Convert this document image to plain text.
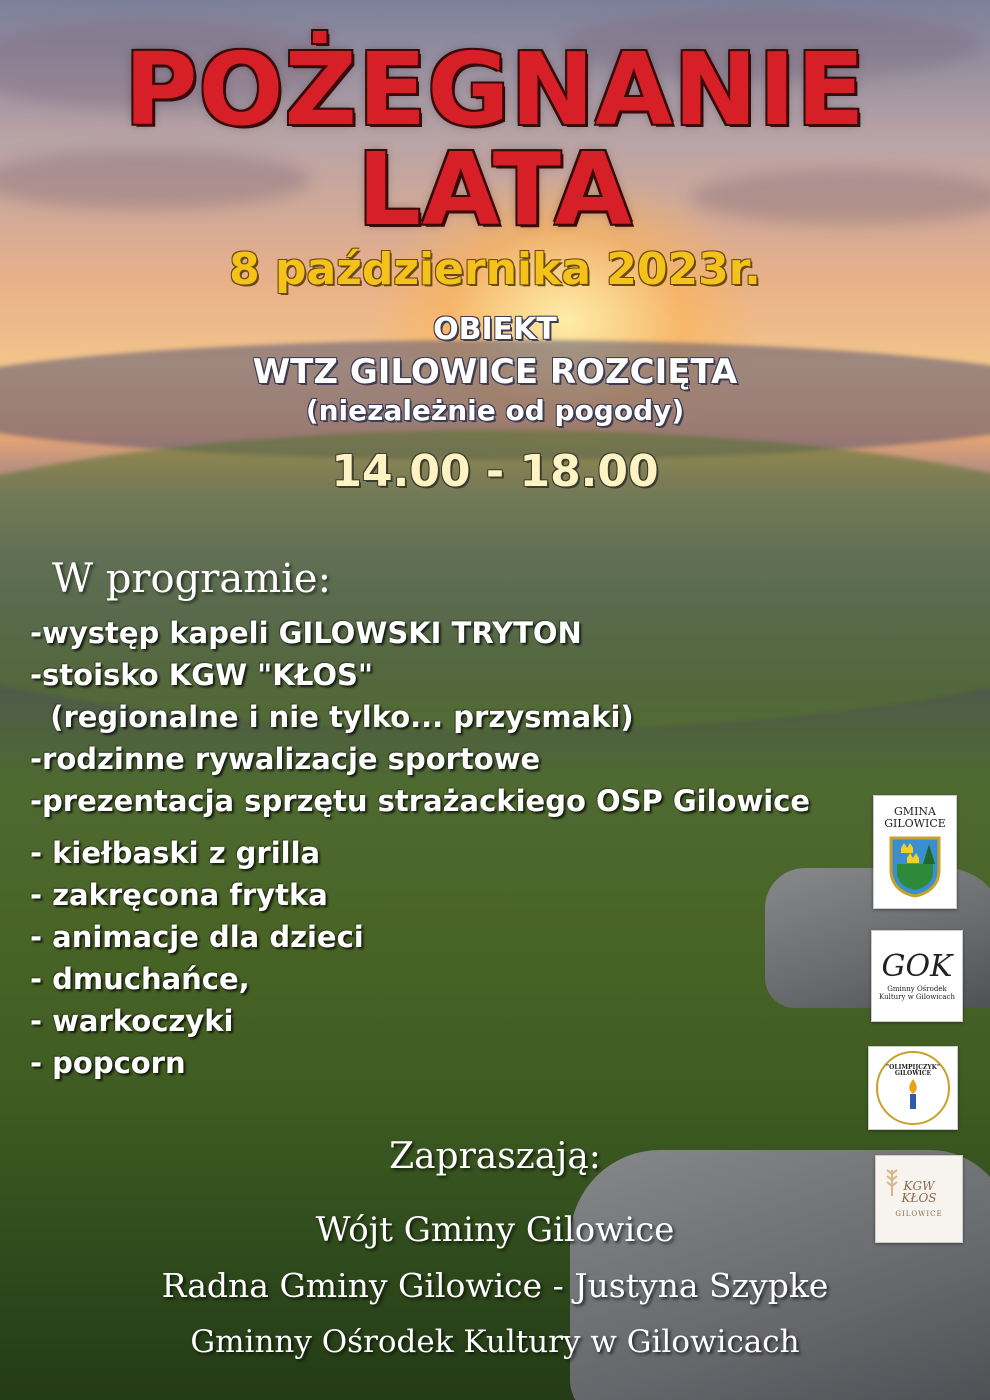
POŻEGNANIE
LATA
8 października 2023r.
OBIEKT
WTZ GILOWICE ROZCIĘTA
(niezależnie od pogody)
14.00 - 18.00
W programie:
-występ kapeli GILOWSKI TRYTON
-stoisko KGW "KŁOS"
(regionalne i nie tylko... przysmaki)
-rodzinne rywalizacje sportowe
-prezentacja sprzętu strażackiego OSP Gilowice
- kiełbaski z grilla
- zakręcona frytka
- animacje dla dzieci
- dmuchańce,
- warkoczyki
- popcorn
Zapraszają:
Wójt Gminy Gilowice
Radna Gminy Gilowice - Justyna Szypke
Gminny Ośrodek Kultury w Gilowicach
GMINA GILOWICE
GOK
Gminny Ośrodek Kultury w Gilowicach
"OLIMPIJCZYK" GILOWICE
KGW KŁOS
GILOWICE
